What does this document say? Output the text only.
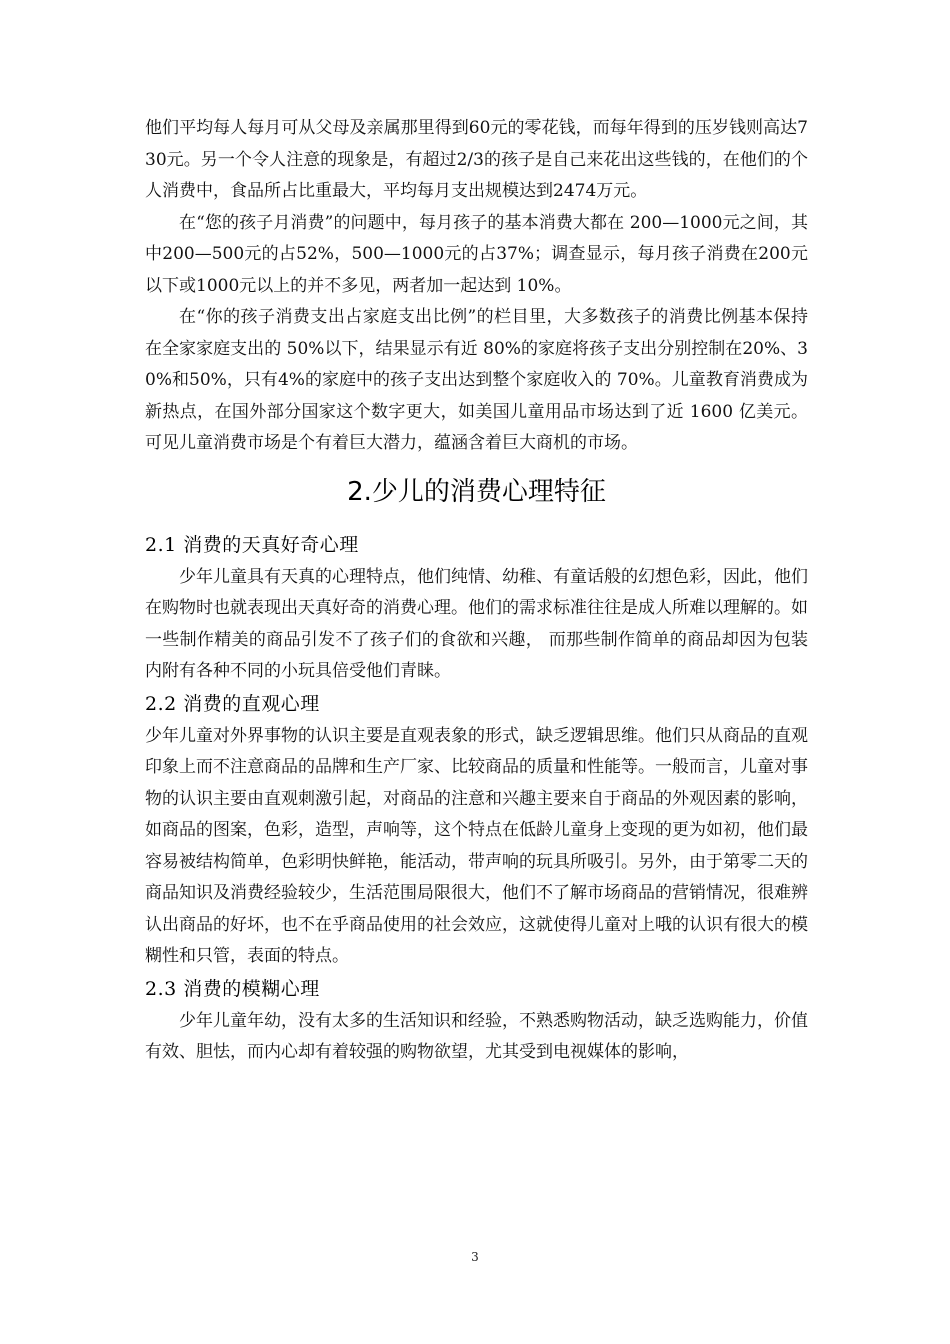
他们平均每人每月可从父母及亲属那里得到60元的零花钱，而每年得到的压岁钱则高达730元。另一个令人注意的现象是，有超过2/3的孩子是自己来花出这些钱的，在他们的个人消费中，食品所占比重最大，平均每月支出规模达到2474万元。

在“您的孩子月消费”的问题中，每月孩子的基本消费大都在 200—1000元之间，其中200—500元的占52%，500—1000元的占37%；调查显示，每月孩子消费在200元以下或1000元以上的并不多见，两者加一起达到 10%。

在“你的孩子消费支出占家庭支出比例”的栏目里，大多数孩子的消费比例基本保持在全家家庭支出的 50%以下，结果显示有近 80%的家庭将孩子支出分别控制在20%、30%和50%，只有4%的家庭中的孩子支出达到整个家庭收入的 70%。儿童教育消费成为新热点，在国外部分国家这个数字更大，如美国儿童用品市场达到了近 1600 亿美元。可见儿童消费市场是个有着巨大潜力，蕴涵含着巨大商机的市场。

2.少儿的消费心理特征
2.1 消费的天真好奇心理

少年儿童具有天真的心理特点，他们纯情、幼稚、有童话般的幻想色彩，因此，他们在购物时也就表现出天真好奇的消费心理。他们的需求标准往往是成人所难以理解的。如一些制作精美的商品引发不了孩子们的食欲和兴趣， 而那些制作简单的商品却因为包装内附有各种不同的小玩具倍受他们青睐。

2.2 消费的直观心理

少年儿童对外界事物的认识主要是直观表象的形式，缺乏逻辑思维。他们只从商品的直观印象上而不注意商品的品牌和生产厂家、比较商品的质量和性能等。一般而言，儿童对事物的认识主要由直观刺激引起，对商品的注意和兴趣主要来自于商品的外观因素的影响，如商品的图案，色彩，造型，声响等，这个特点在低龄儿童身上变现的更为如初，他们最容易被结构简单，色彩明快鲜艳，能活动，带声响的玩具所吸引。另外，由于第零二天的商品知识及消费经验较少，生活范围局限很大，他们不了解市场商品的营销情况，很难辨认出商品的好坏，也不在乎商品使用的社会效应，这就使得儿童对上哦的认识有很大的模糊性和只管，表面的特点。

2.3 消费的模糊心理

少年儿童年幼，没有太多的生活知识和经验，不熟悉购物活动，缺乏选购能力，价值有效、胆怯，而内心却有着较强的购物欲望，尤其受到电视媒体的影响，

3
